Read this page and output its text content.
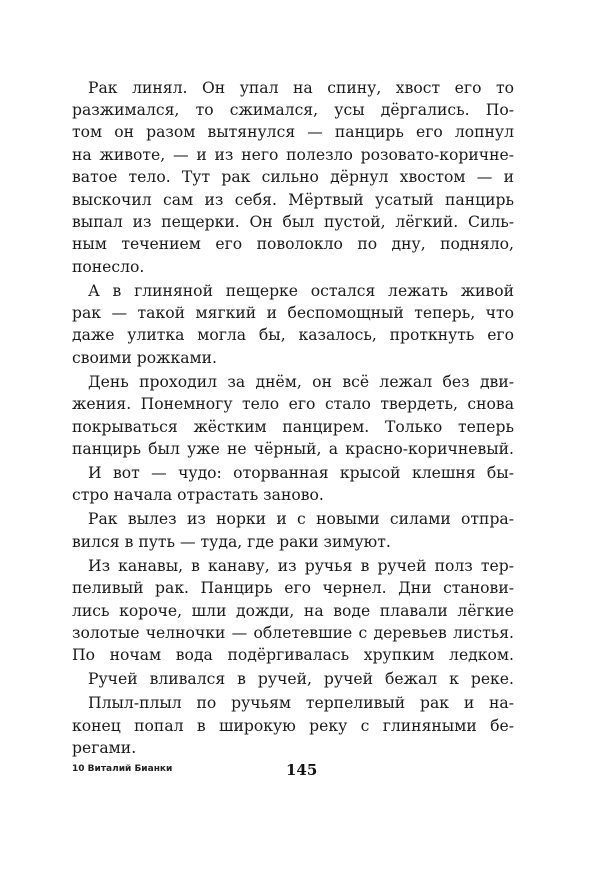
Рак линял. Он упал на спину, хвост его то
разжимался, то сжимался, усы дёргались. По-
том он разом вытянулся — панцирь его лопнул
на животе, — и из него полезло розовато-коричне-
ватое тело. Тут рак сильно дёрнул хвостом — и
выскочил сам из себя. Мёртвый усатый панцирь
выпал из пещерки. Он был пустой, лёгкий. Силь-
ным течением его поволокло по дну, подняло,
понесло.
А в глиняной пещерке остался лежать живой
рак — такой мягкий и беспомощный теперь, что
даже улитка могла бы, казалось, проткнуть его
своими рожками.
День проходил за днём, он всё лежал без дви-
жения. Понемногу тело его стало твердеть, снова
покрываться жёстким панцирем. Только теперь
панцирь был уже не чёрный, а красно-коричневый.
И вот — чудо: оторванная крысой клешня бы-
стро начала отрастать заново.
Рак вылез из норки и с новыми силами отпра-
вился в путь — туда, где раки зимуют.
Из канавы, в канаву, из ручья в ручей полз тер-
пеливый рак. Панцирь его чернел. Дни станови-
лись короче, шли дожди, на воде плавали лёгкие
золотые челночки — облетевшие с деревьев листья.
По ночам вода подёргивалась хрупким ледком.
Ручей вливался в ручей, ручей бежал к реке.
Плыл-плыл по ручьям терпеливый рак и на-
конец попал в широкую реку с глиняными бе-
регами.
10 Виталий Бианки	145
